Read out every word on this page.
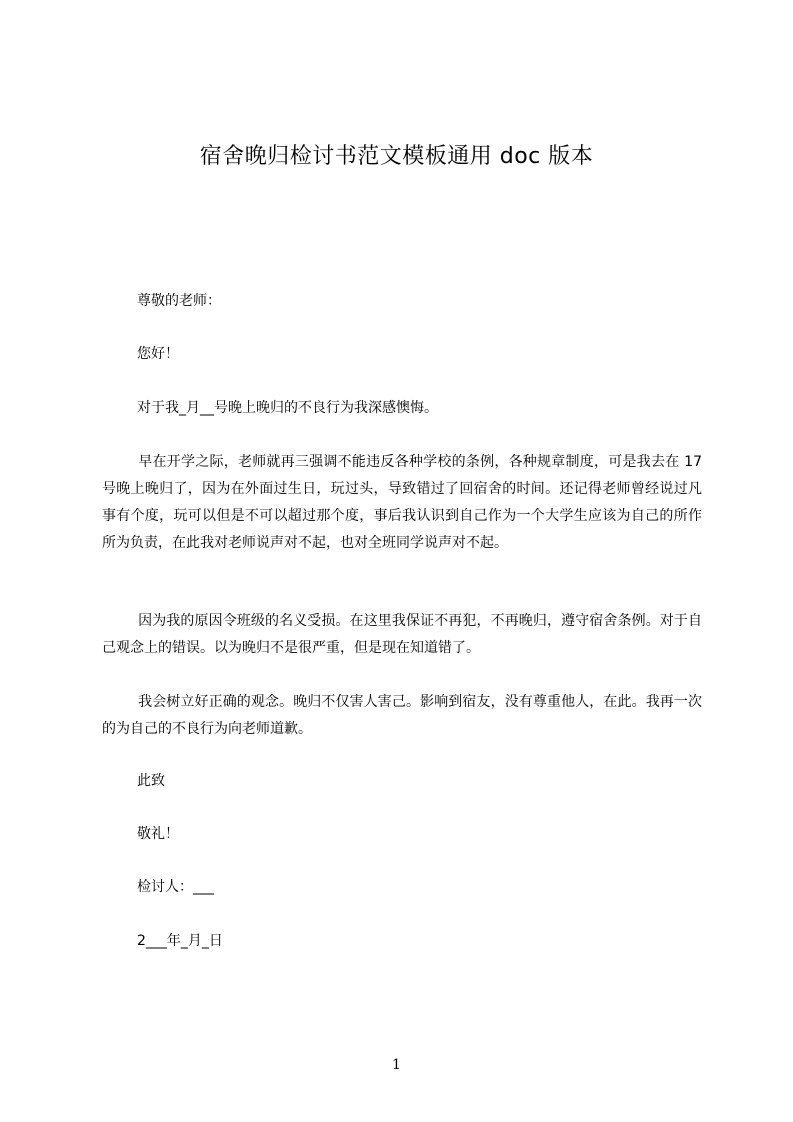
宿舍晚归检讨书范文模板通用 doc 版本
尊敬的老师：
您好！
对于我_月__号晚上晚归的不良行为我深感懊悔。
早在开学之际，老师就再三强调不能违反各种学校的条例，各种规章制度，可是我去在 17 号晚上晚归了，因为在外面过生日，玩过头，导致错过了回宿舍的时间。还记得老师曾经说过凡事有个度，玩可以但是不可以超过那个度，事后我认识到自己作为一个大学生应该为自己的所作所为负责，在此我对老师说声对不起，也对全班同学说声对不起。
因为我的原因令班级的名义受损。在这里我保证不再犯，不再晚归，遵守宿舍条例。对于自己观念上的错误。以为晚归不是很严重，但是现在知道错了。
我会树立好正确的观念。晚归不仅害人害己。影响到宿友，没有尊重他人，在此。我再一次的为自己的不良行为向老师道歉。
此致
敬礼！
检讨人：___
2___年_月_日
1
